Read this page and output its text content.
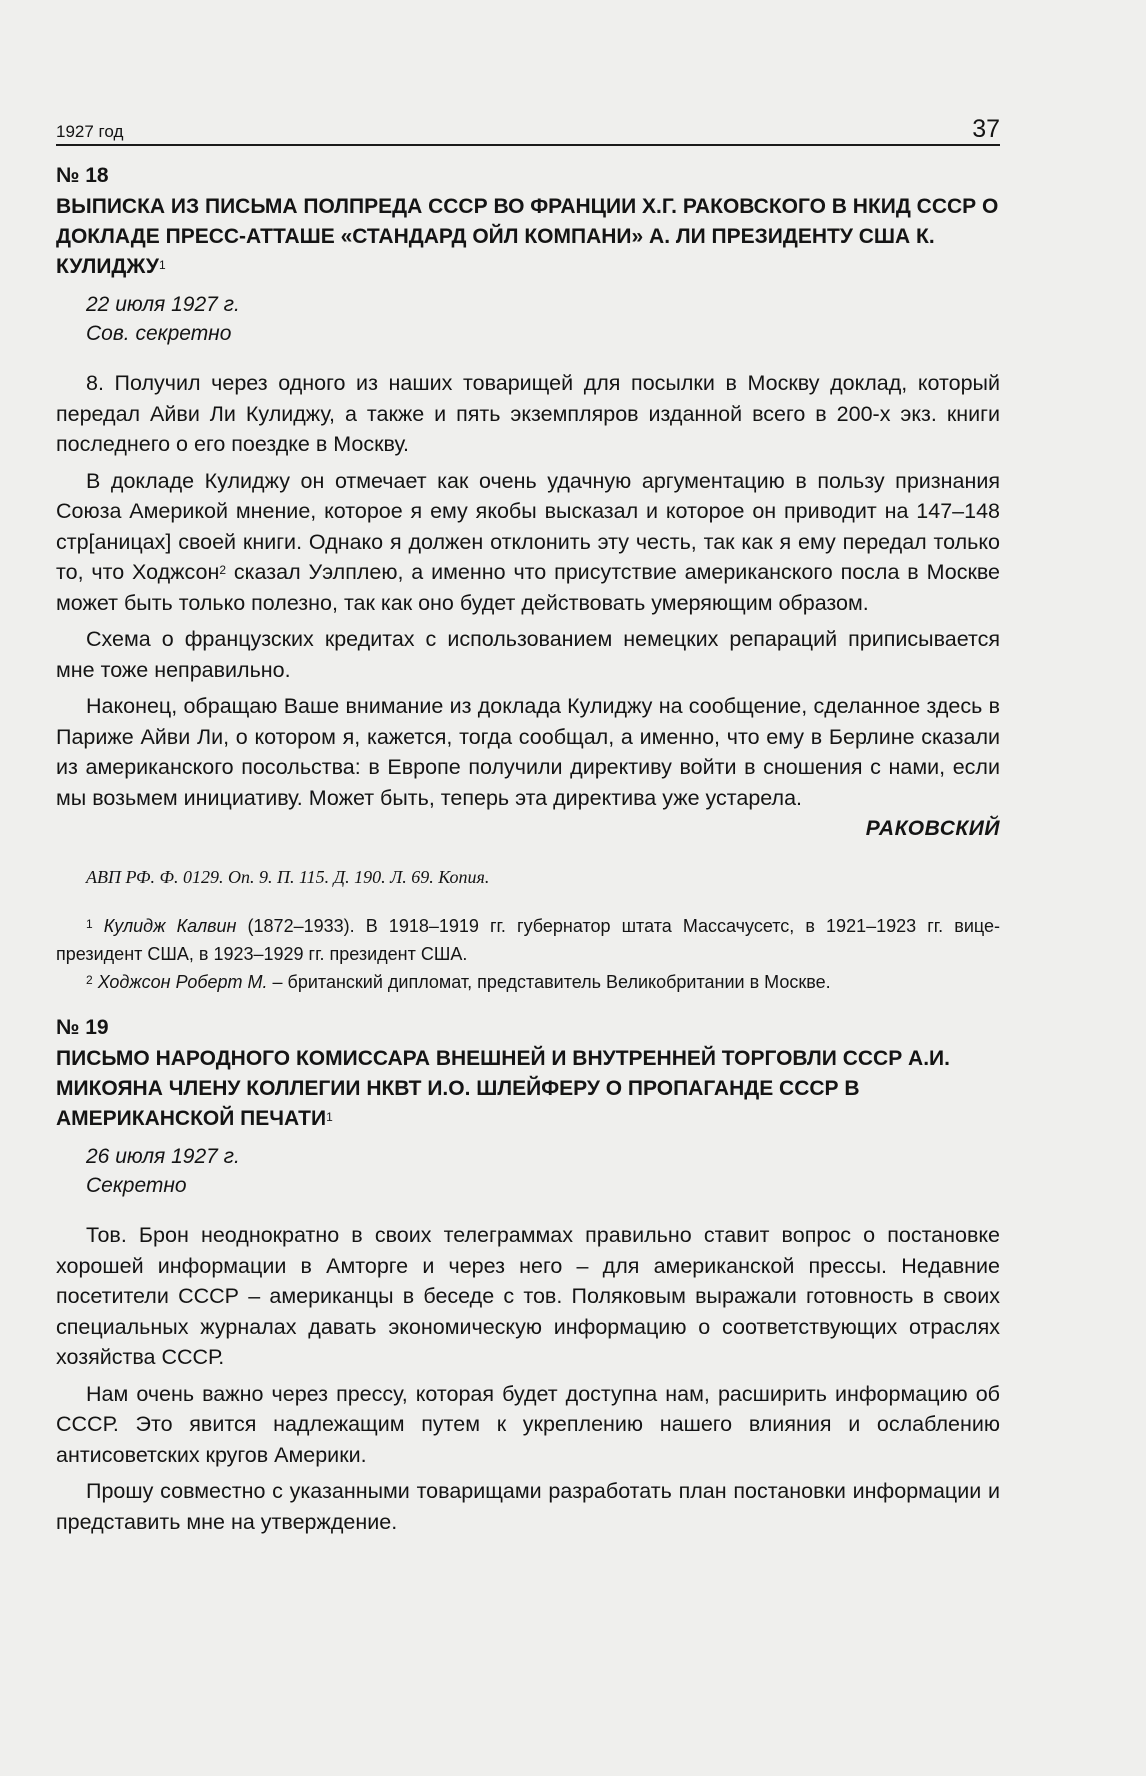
1927 год	37
№ 18
ВЫПИСКА ИЗ ПИСЬМА ПОЛПРЕДА СССР ВО ФРАНЦИИ Х.Г. РАКОВСКОГО В НКИД СССР О ДОКЛАДЕ ПРЕСС-АТТАШЕ «СТАНДАРД ОЙЛ КОМПАНИ» А. ЛИ ПРЕЗИДЕНТУ США К. КУЛИДЖУ$^1$
22 июля 1927 г.
Сов. секретно

8. Получил через одного из наших товарищей для посылки в Москву доклад, который передал Айви Ли Кулиджу, а также и пять экземпляров изданной всего в 200-х экз. книги последнего о его поездке в Москву.

В докладе Кулиджу он отмечает как очень удачную аргументацию в пользу признания Союза Америкой мнение, которое я ему якобы высказал и которое он приводит на 147–148 стр[аницах] своей книги. Однако я должен отклонить эту честь, так как я ему передал только то, что Ходжсон$^2$ сказал Уэлплею, а именно что присутствие американского посла в Москве может быть только полезно, так как оно будет действовать умеряющим образом.

Схема о французских кредитах с использованием немецких репараций приписывается мне тоже неправильно.

Наконец, обращаю Ваше внимание из доклада Кулиджу на сообщение, сделанное здесь в Париже Айви Ли, о котором я, кажется, тогда сообщал, а именно, что ему в Берлине сказали из американского посольства: в Европе получили директиву войти в сношения с нами, если мы возьмем инициативу. Может быть, теперь эта директива уже устарела.

РАКОВСКИЙ
АВП РФ. Ф. 0129. Оп. 9. П. 115. Д. 190. Л. 69. Копия.

$^1$ Кулидж Калвин (1872–1933). В 1918–1919 гг. губернатор штата Массачусетс, в 1921–1923 гг. вице-президент США, в 1923–1929 гг. президент США.

$^2$ Ходжсон Роберт М. – британский дипломат, представитель Великобритании в Москве.

№ 19
ПИСЬМО НАРОДНОГО КОМИССАРА ВНЕШНЕЙ И ВНУТРЕННЕЙ ТОРГОВЛИ СССР А.И. МИКОЯНА ЧЛЕНУ КОЛЛЕГИИ НКВТ И.О. ШЛЕЙФЕРУ О ПРОПАГАНДЕ СССР В АМЕРИКАНСКОЙ ПЕЧАТИ$^1$
26 июля 1927 г.
Секретно

Тов. Брон неоднократно в своих телеграммах правильно ставит вопрос о постановке хорошей информации в Амторге и через него – для американской прессы. Недавние посетители СССР – американцы в беседе с тов. Поляковым выражали готовность в своих специальных журналах давать экономическую информацию о соответствующих отраслях хозяйства СССР.

Нам очень важно через прессу, которая будет доступна нам, расширить информацию об СССР. Это явится надлежащим путем к укреплению нашего влияния и ослаблению антисоветских кругов Америки.

Прошу совместно с указанными товарищами разработать план постановки информации и представить мне на утверждение.
